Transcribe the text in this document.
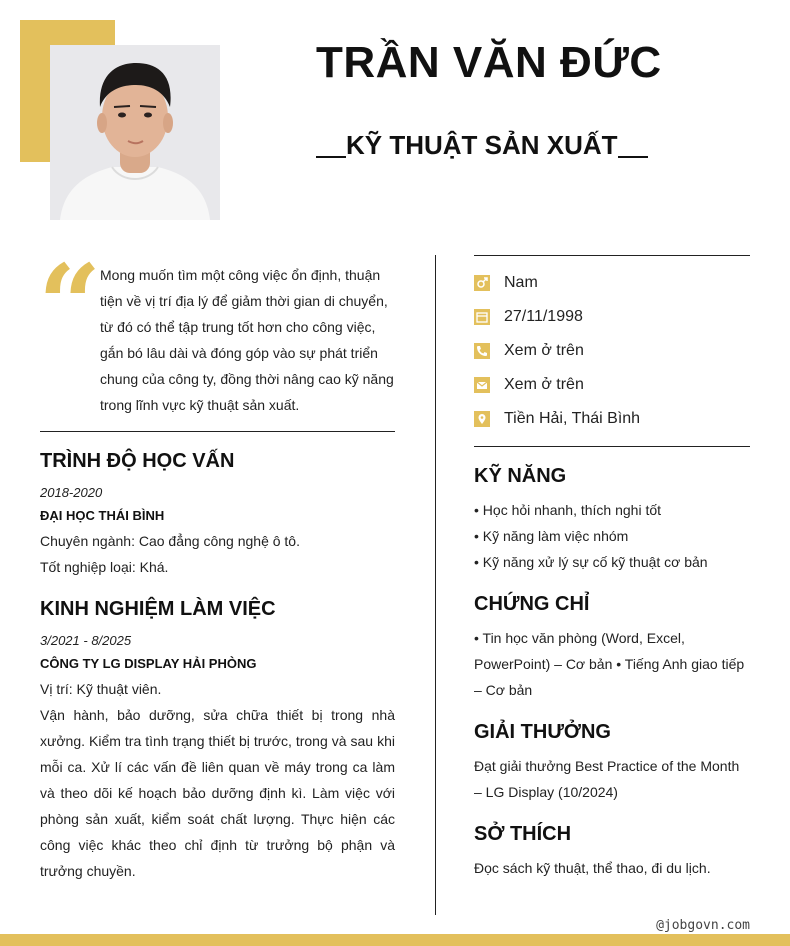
TRẦN VĂN ĐỨC
KỸ THUẬT SẢN XUẤT
“
Mong muốn tìm một công việc ổn định, thuận tiện về vị trí địa lý để giảm thời gian di chuyển, từ đó có thể tập trung tốt hơn cho công việc, gắn bó lâu dài và đóng góp vào sự phát triển chung của công ty, đồng thời nâng cao kỹ năng trong lĩnh vực kỹ thuật sản xuất.
TRÌNH ĐỘ HỌC VẤN
2018-2020
ĐẠI HỌC THÁI BÌNH
Chuyên ngành: Cao đẳng công nghệ ô tô.
Tốt nghiệp loại: Khá.
KINH NGHIỆM LÀM VIỆC
3/2021 - 8/2025
CÔNG TY LG DISPLAY HẢI PHÒNG
Vị trí: Kỹ thuật viên.
Vận hành, bảo dưỡng, sửa chữa thiết bị trong nhà xưởng. Kiểm tra tình trạng thiết bị trước, trong và sau khi mỗi ca. Xử lí các vấn đề liên quan về máy trong ca làm và theo dõi kế hoạch bảo dưỡng định kì. Làm việc với phòng sản xuất, kiểm soát chất lượng. Thực hiện các công việc khác theo chỉ định từ trưởng bộ phận và trưởng chuyền.
Nam
27/11/1998
Xem ở trên
Xem ở trên
Tiền Hải, Thái Bình
KỸ NĂNG
• Học hỏi nhanh, thích nghi tốt
• Kỹ năng làm việc nhóm
• Kỹ năng xử lý sự cố kỹ thuật cơ bản
CHỨNG CHỈ
• Tin học văn phòng (Word, Excel, PowerPoint) – Cơ bản • Tiếng Anh giao tiếp – Cơ bản
GIẢI THƯỞNG
Đạt giải thưởng Best Practice of the Month – LG Display (10/2024)
SỞ THÍCH
Đọc sách kỹ thuật, thể thao, đi du lịch.
@jobgovn.com
